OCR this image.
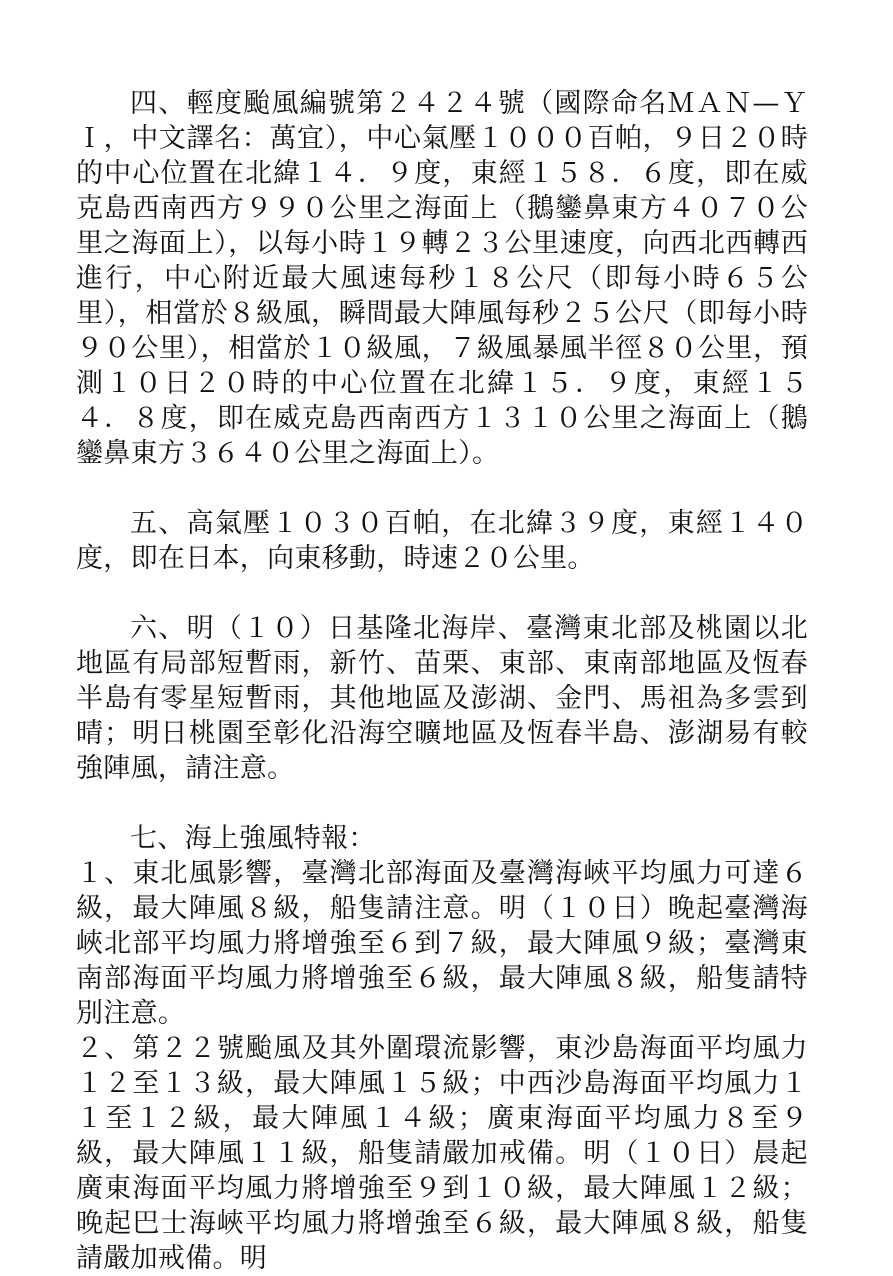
四、輕度颱風編號第２４２４號（國際命名ＭＡＮ—ＹＩ，中文譯名：萬宜），中心氣壓１０００百帕，９日２０時的中心位置在北緯１４．９度，東經１５８．６度，即在威克島西南西方９９０公里之海面上（鵝鑾鼻東方４０７０公里之海面上），以每小時１９轉２３公里速度，向西北西轉西進行，中心附近最大風速每秒１８公尺（即每小時６５公里），相當於８級風，瞬間最大陣風每秒２５公尺（即每小時９０公里），相當於１０級風，７級風暴風半徑８０公里，預測１０日２０時的中心位置在北緯１５．９度，東經１５４．８度，即在威克島西南西方１３１０公里之海面上（鵝鑾鼻東方３６４０公里之海面上）。

五、高氣壓１０３０百帕，在北緯３９度，東經１４０度，即在日本，向東移動，時速２０公里。

六、明（１０）日基隆北海岸、臺灣東北部及桃園以北地區有局部短暫雨，新竹、苗栗、東部、東南部地區及恆春半島有零星短暫雨，其他地區及澎湖、金門、馬祖為多雲到晴；明日桃園至彰化沿海空曠地區及恆春半島、澎湖易有較強陣風，請注意。

七、海上強風特報：

１、東北風影響，臺灣北部海面及臺灣海峽平均風力可達６級，最大陣風８級，船隻請注意。明（１０日）晚起臺灣海峽北部平均風力將增強至６到７級，最大陣風９級；臺灣東南部海面平均風力將增強至６級，最大陣風８級，船隻請特別注意。

２、第２２號颱風及其外圍環流影響，東沙島海面平均風力１２至１３級，最大陣風１５級；中西沙島海面平均風力１１至１２級，最大陣風１４級；廣東海面平均風力８至９級，最大陣風１１級，船隻請嚴加戒備。明（１０日）晨起廣東海面平均風力將增強至９到１０級，最大陣風１２級；晚起巴士海峽平均風力將增強至６級，最大陣風８級，船隻請嚴加戒備。明
